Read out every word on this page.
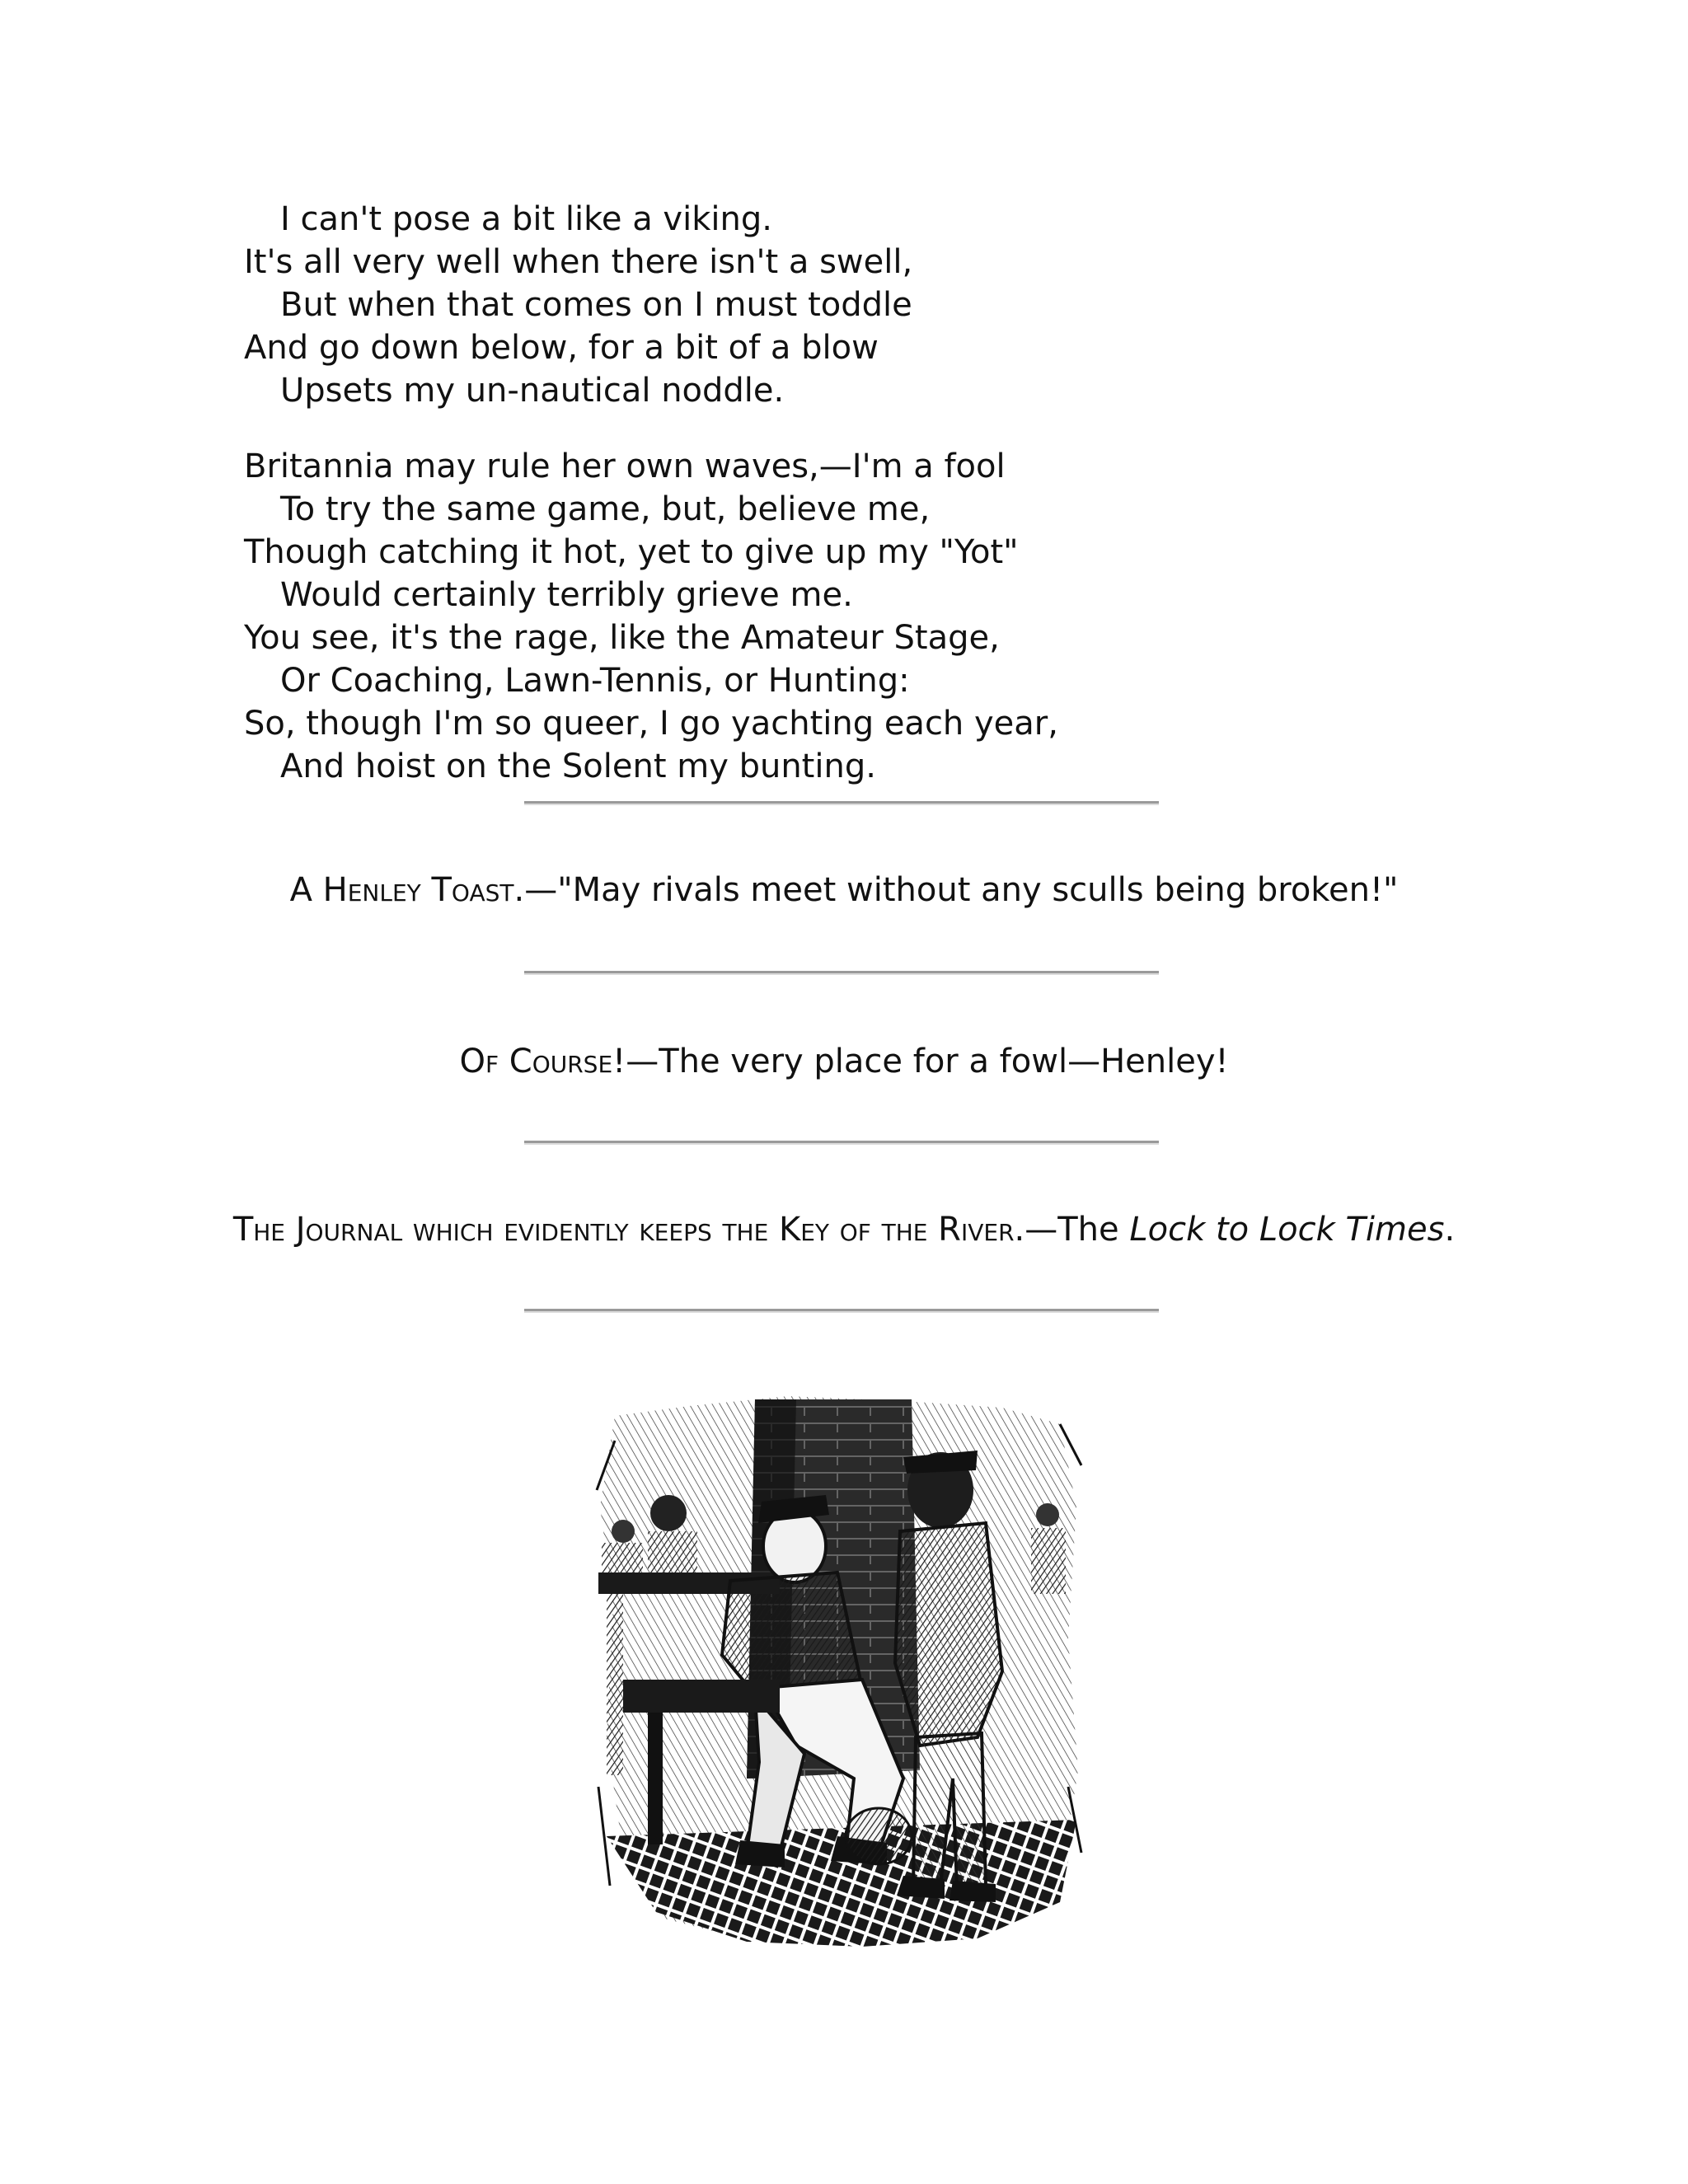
I can't pose a bit like a viking.
It's all very well when there isn't a swell,
But when that comes on I must toddle
And go down below, for a bit of a blow
Upsets my un-nautical noddle.
Britannia may rule her own waves,—I'm a fool
To try the same game, but, believe me,
Though catching it hot, yet to give up my "Yot"
Would certainly terribly grieve me.
You see, it's the rage, like the Amateur Stage,
Or Coaching, Lawn-Tennis, or Hunting:
So, though I'm so queer, I go yachting each year,
And hoist on the Solent my bunting.
A Henley Toast.—"May rivals meet without any sculls being broken!"
Of Course!—The very place for a fowl—Henley!
The Journal which evidently keeps the Key of the River.—The Lock to Lock Times.
